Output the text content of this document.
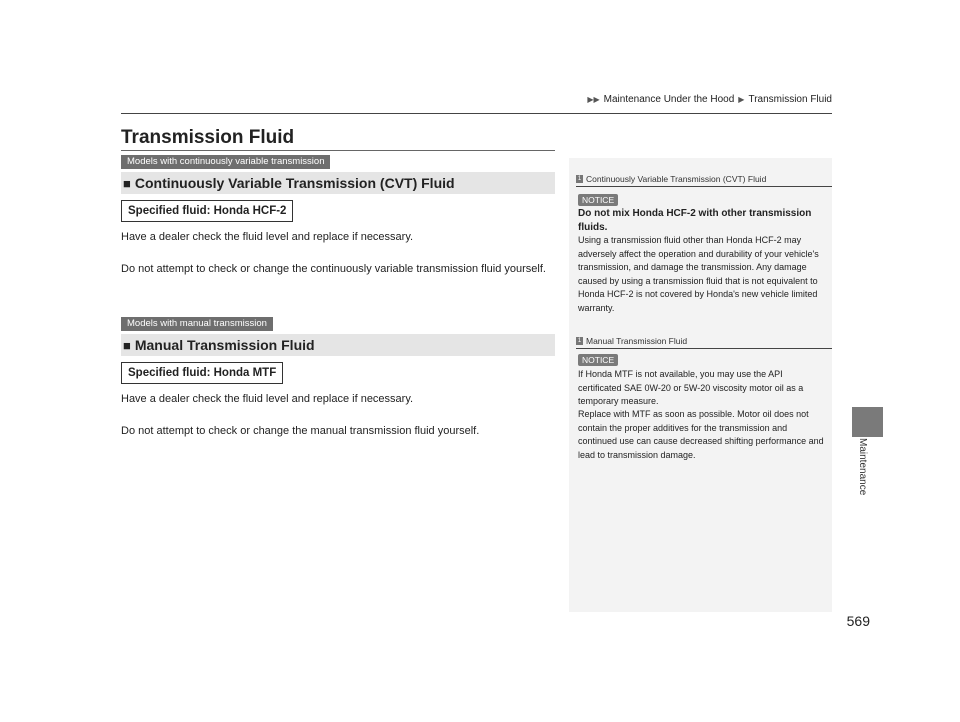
▶▶ Maintenance Under the Hood ▶ Transmission Fluid
Transmission Fluid
Models with continuously variable transmission
■ Continuously Variable Transmission (CVT) Fluid
Specified fluid: Honda HCF-2

Have a dealer check the fluid level and replace if necessary.

Do not attempt to check or change the continuously variable transmission fluid yourself.

Models with manual transmission
■ Manual Transmission Fluid
Specified fluid: Honda MTF

Have a dealer check the fluid level and replace if necessary.

Do not attempt to check or change the manual transmission fluid yourself.

1 Continuously Variable Transmission (CVT) Fluid
NOTICE

Do not mix Honda HCF-2 with other transmission fluids.

Using a transmission fluid other than Honda HCF-2 may adversely affect the operation and durability of your vehicle's transmission, and damage the transmission. Any damage caused by using a transmission fluid that is not equivalent to Honda HCF-2 is not covered by Honda's new vehicle limited warranty.

1 Manual Transmission Fluid
NOTICE

If Honda MTF is not available, you may use the API certificated SAE 0W-20 or 5W-20 viscosity motor oil as a temporary measure.

Replace with MTF as soon as possible. Motor oil does not contain the proper additives for the transmission and continued use can cause decreased shifting performance and lead to transmission damage.	Maintenance
569
